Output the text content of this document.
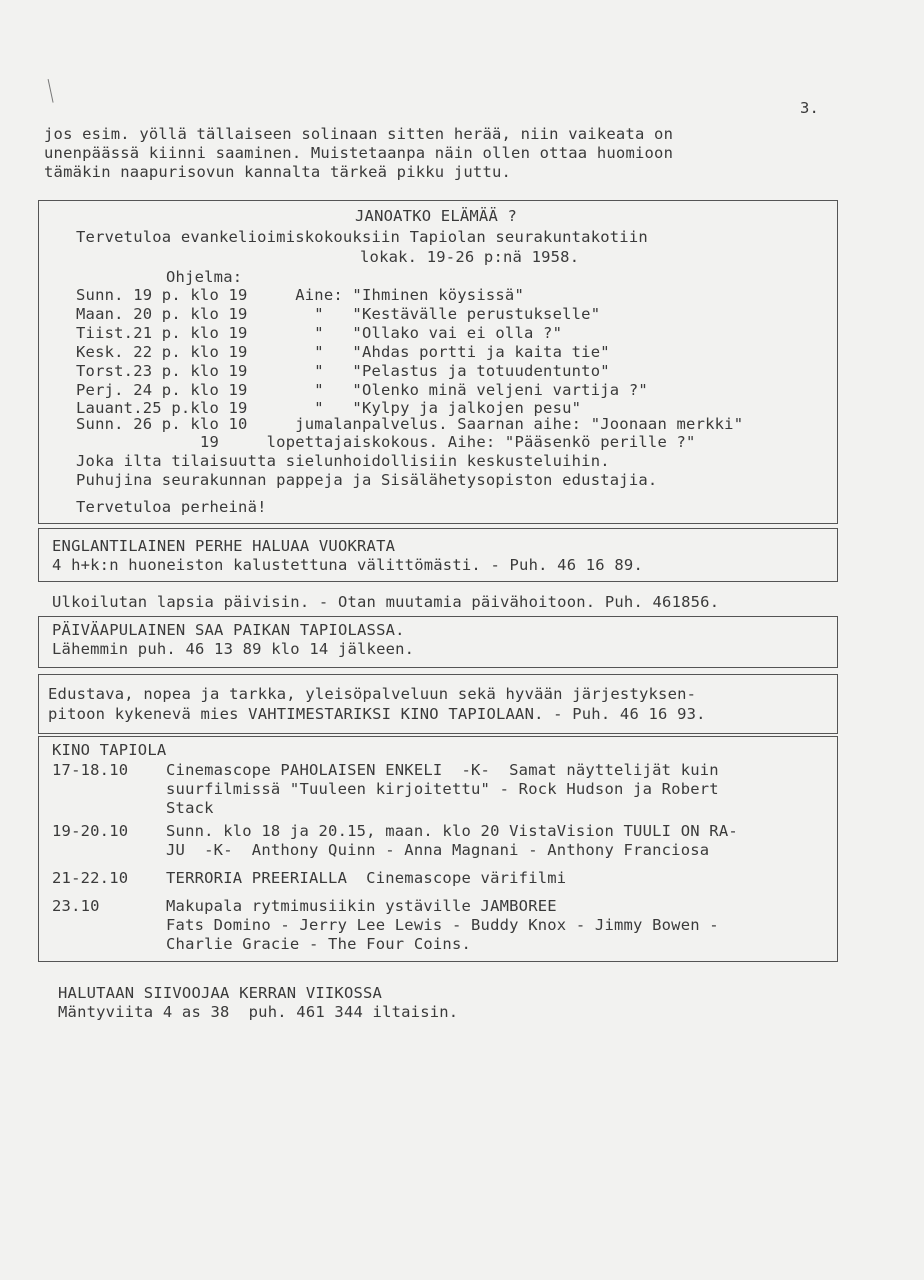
3.
jos esim. yöllä tällaiseen solinaan sitten herää, niin vaikeata on
unenpäässä kiinni saaminen. Muistetaanpa näin ollen ottaa huomioon
tämäkin naapurisovun kannalta tärkeä pikku juttu.
JANOATKO ELÄMÄÄ ?
Tervetuloa evankelioimiskokouksiin Tapiolan seurakuntakotiin
lokak. 19-26 p:nä 1958.
Ohjelma:
Sunn. 19 p. klo 19     Aine: "Ihminen köysissä"
Maan. 20 p. klo 19       "   "Kestävälle perustukselle"
Tiist.21 p. klo 19       "   "Ollako vai ei olla ?"
Kesk. 22 p. klo 19       "   "Ahdas portti ja kaita tie"
Torst.23 p. klo 19       "   "Pelastus ja totuudentunto"
Perj. 24 p. klo 19       "   "Olenko minä veljeni vartija ?"
Lauant.25 p.klo 19       "   "Kylpy ja jalkojen pesu"
Sunn. 26 p. klo 10     jumalanpalvelus. Saarnan aihe: "Joonaan merkki"
19     lopettajaiskokous. Aihe: "Pääsenkö perille ?"
Joka ilta tilaisuutta sielunhoidollisiin keskusteluihin.
Puhujina seurakunnan pappeja ja Sisälähetysopiston edustajia.
Tervetuloa perheinä!
ENGLANTILAINEN PERHE HALUAA VUOKRATA
4 h+k:n huoneiston kalustettuna välittömästi. - Puh. 46 16 89.
Ulkoilutan lapsia päivisin. - Otan muutamia päivähoitoon. Puh. 461856.
PÄIVÄAPULAINEN SAA PAIKAN TAPIOLASSA.
Lähemmin puh. 46 13 89 klo 14 jälkeen.
Edustava, nopea ja tarkka, yleisöpalveluun sekä hyvään järjestyksen-
pitoon kykenevä mies VAHTIMESTARIKSI KINO TAPIOLAAN. - Puh. 46 16 93.
KINO TAPIOLA
17-18.10 Cinemascope PAHOLAISEN ENKELI  -K-  Samat näyttelijät kuin
suurfilmissä "Tuuleen kirjoitettu" - Rock Hudson ja Robert
Stack
19-20.10 Sunn. klo 18 ja 20.15, maan. klo 20 VistaVision TUULI ON RA-
JU  -K-  Anthony Quinn - Anna Magnani - Anthony Franciosa
21-22.10 TERRORIA PREERIALLA  Cinemascope värifilmi
23.10	Makupala rytmimusiikin ystäville JAMBOREE
Fats Domino - Jerry Lee Lewis - Buddy Knox - Jimmy Bowen -
Charlie Gracie - The Four Coins.
HALUTAAN SIIVOOJAA KERRAN VIIKOSSA
Mäntyviita 4 as 38  puh. 461 344 iltaisin.
